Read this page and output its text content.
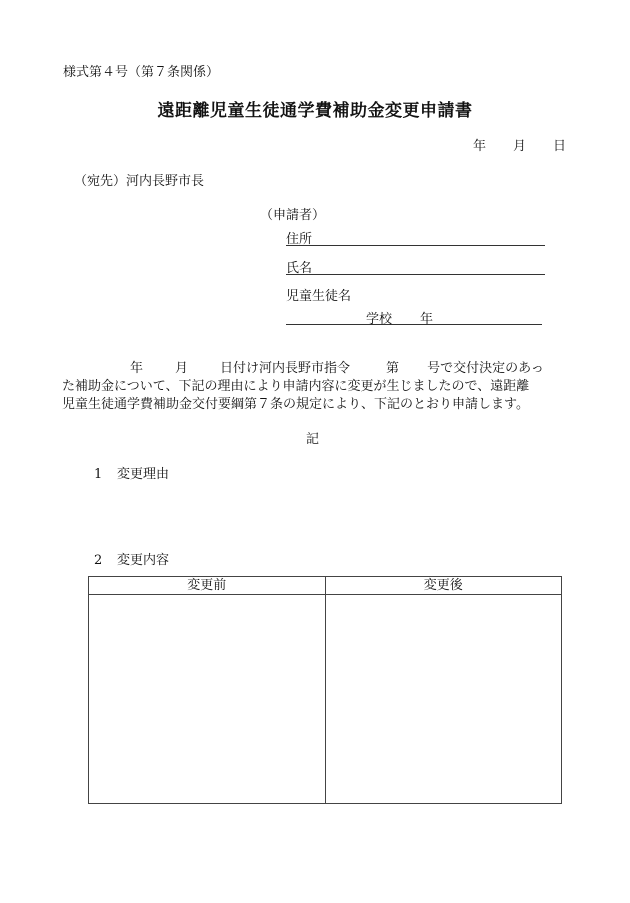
様式第４号（第７条関係）
遠距離児童生徒通学費補助金変更申請書
年 月 日
（宛先）河内長野市長
（申請者）
住所
氏名
児童生徒名
学校 年
年 月 日付け河内長野市指令	第 号で交付決定のあっ
た補助金について、下記の理由により申請内容に変更が生じましたので、遠距離
児童生徒通学費補助金交付要綱第７条の規定により、下記のとおり申請します。
記
1 変更理由
2 変更内容
変更前	変更後
